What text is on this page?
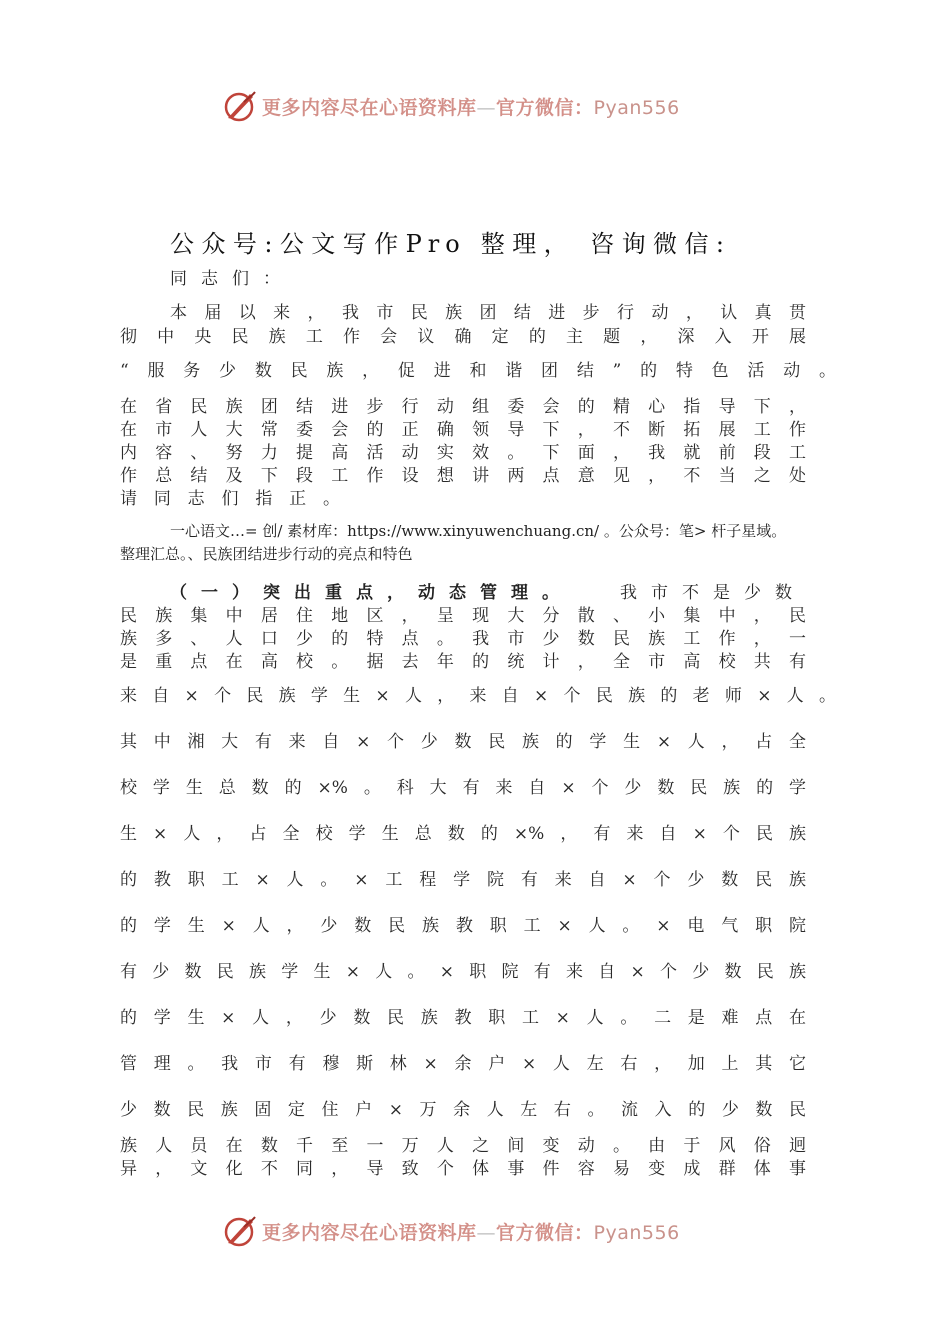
更多内容尽在心语资料库—官方微信：Pyan556
公众号:公文写作Pro 整理， 咨询微信:
同志们：
本届以来，我市民族团结进步行动，认真贯
彻中央民族工作会议确定的主题，深入开展
“服务少数民族，促进和谐团结”的特色活动。
在省民族团结进步行动组委会的精心指导下，
在市人大常委会的正确领导下，不断拓展工作
内容、努力提高活动实效。下面，我就前段工
作总结及下段工作设想讲两点意见，不当之处
请同志们指正。
一心语文…= 创/ 素材库：https://www.xinyuwenchuang.cn/ 。公众号：笔> 杆子星域。
整理汇总。、民族团结进步行动的亮点和特色
（一）突出重点，动态管理。	我市不是少数
民族集中居住地区，呈现大分散、小集中，民
族多、人口少的特点。我市少数民族工作，一
是重点在高校。据去年的统计，全市高校共有
来自×个民族学生×人，来自×个民族的老师×人。
其中湘大有来自×个少数民族的学生×人，占全
校学生总数的×%。科大有来自×个少数民族的学
生×人，占全校学生总数的×%，有来自×个民族
的教职工×人。×工程学院有来自×个少数民族
的学生×人，少数民族教职工×人。×电气职院
有少数民族学生×人。×职院有来自×个少数民族
的学生×人，少数民族教职工×人。二是难点在
管理。我市有穆斯林×余户×人左右，加上其它
少数民族固定住户×万余人左右。流入的少数民
族人员在数千至一万人之间变动。由于风俗迥
异，文化不同，导致个体事件容易变成群体事
更多内容尽在心语资料库—官方微信：Pyan556
